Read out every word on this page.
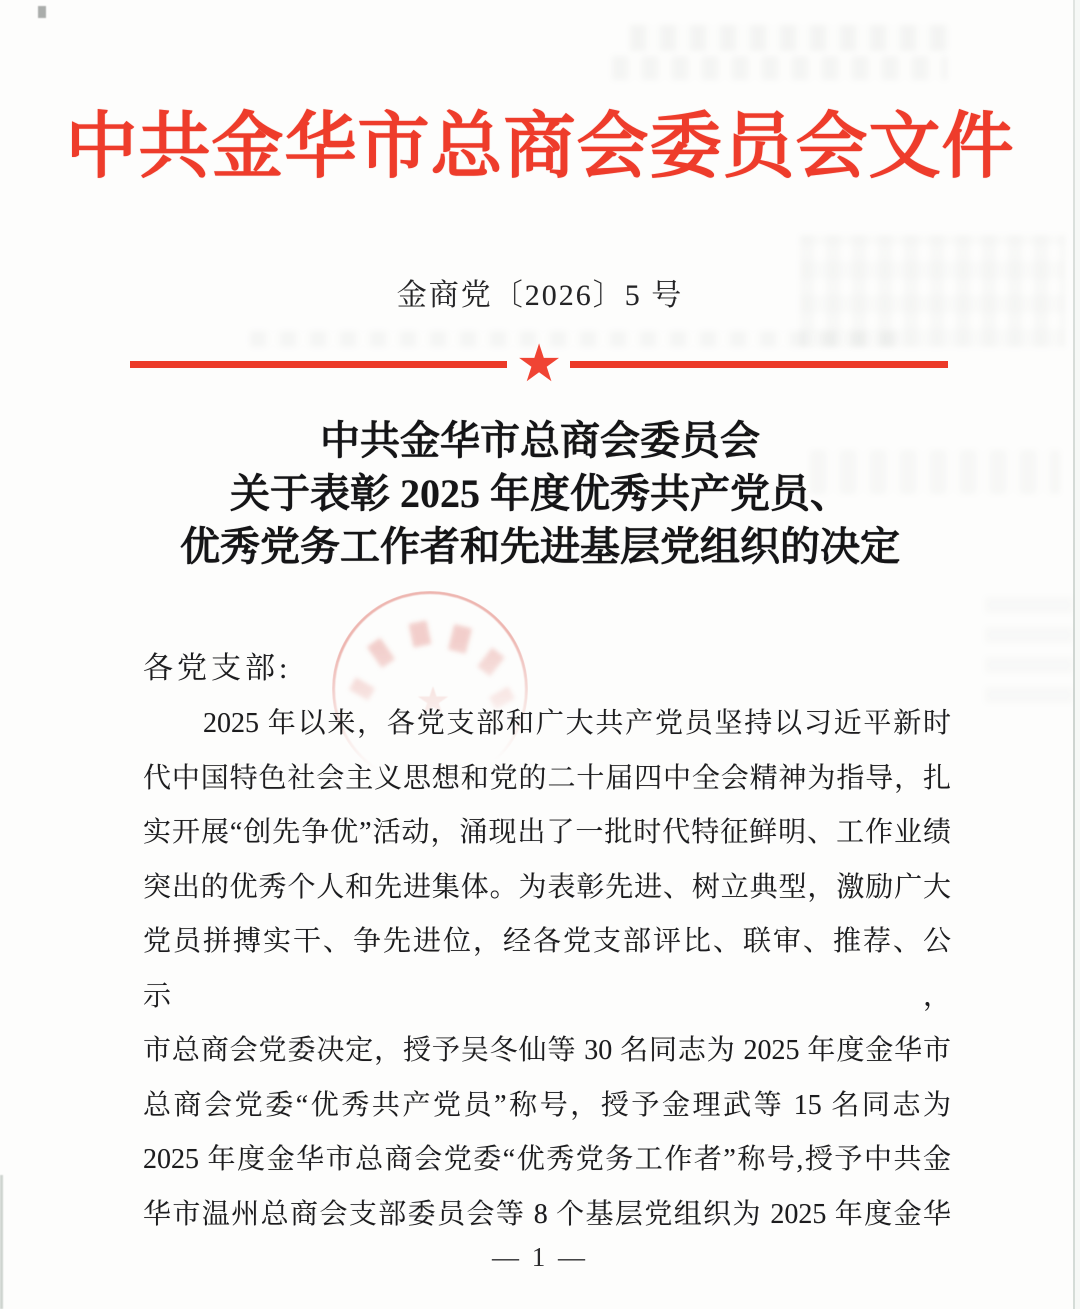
中共金华市总商会委员会文件
金商党〔2026〕5 号
★
中共金华市总商会委员会
关于表彰 2025 年度优秀共产党员、
优秀党务工作者和先进基层党组织的决定
各党支部:
2025 年以来，各党支部和广大共产党员坚持以习近平新时
代中国特色社会主义思想和党的二十届四中全会精神为指导，扎
实开展“创先争优”活动，涌现出了一批时代特征鲜明、工作业绩
突出的优秀个人和先进集体。为表彰先进、树立典型，激励广大
党员拼搏实干、争先进位，经各党支部评比、联审、推荐、公示，
市总商会党委决定，授予吴冬仙等 30 名同志为 2025 年度金华市
总商会党委“优秀共产党员”称号，授予金理武等 15 名同志为
2025 年度金华市总商会党委“优秀党务工作者”称号,授予中共金
华市温州总商会支部委员会等 8 个基层党组织为 2025 年度金华
— 1 —
